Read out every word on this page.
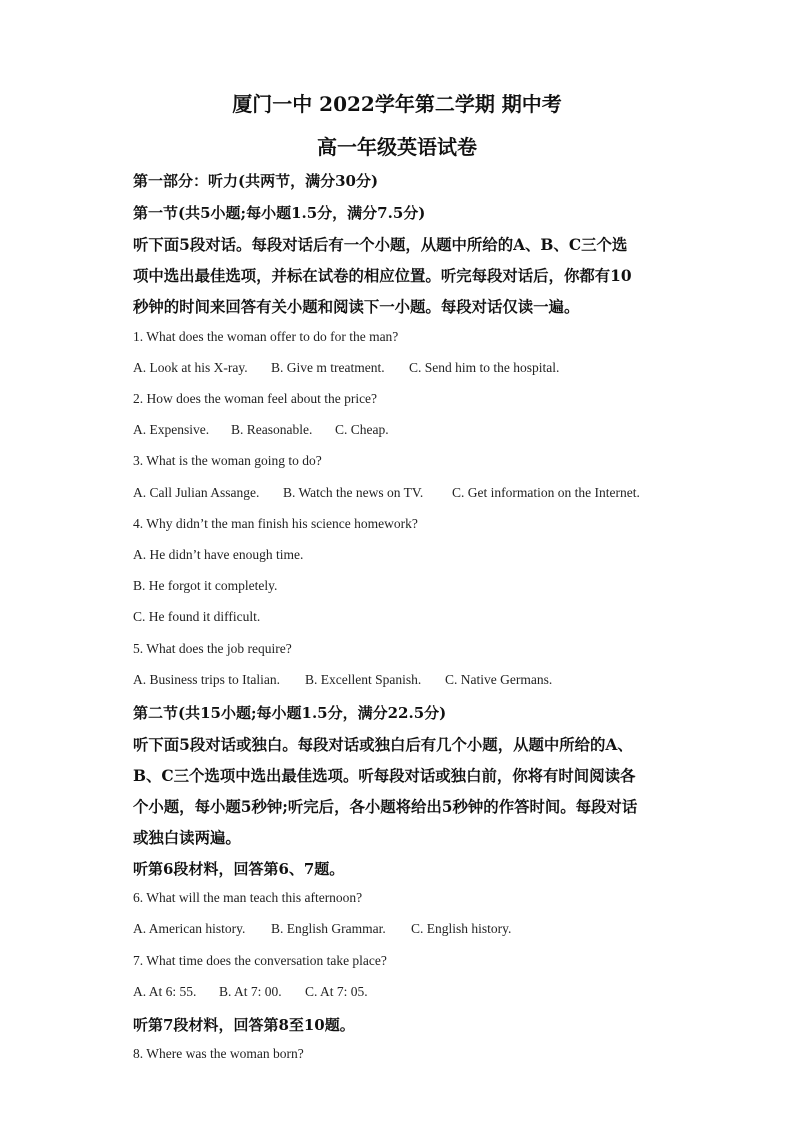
厦门一中 2022学年第二学期 期中考
高一年级英语试卷
第一部分：听力(共两节，满分30分)
第一节(共5小题;每小题1.5分，满分7.5分)
听下面5段对话。每段对话后有一个小题，从题中所给的A、B、C三个选
项中选出最佳选项，并标在试卷的相应位置。听完每段对话后，你都有10
秒钟的时间来回答有关小题和阅读下一小题。每段对话仅读一遍。
1. What does the woman offer to do for the man?
A. Look at his X-ray. B. Give m treatment. C. Send him to the hospital.
2. How does the woman feel about the price?
A. Expensive. B. Reasonable. C. Cheap.
3. What is the woman going to do?
A. Call Julian Assange. B. Watch the news on TV. C. Get information on the Internet.
4. Why didn’t the man finish his science homework?
A. He didn’t have enough time.
B. He forgot it completely.
C. He found it difficult.
5. What does the job require?
A. Business trips to Italian. B. Excellent Spanish. C. Native Germans.
第二节(共15小题;每小题1.5分，满分22.5分)
听下面5段对话或独白。每段对话或独白后有几个小题，从题中所给的A、
B、C三个选项中选出最佳选项。听每段对话或独白前，你将有时间阅读各
个小题，每小题5秒钟;听完后，各小题将给出5秒钟的作答时间。每段对话
或独白读两遍。
听第6段材料，回答第6、7题。
6. What will the man teach this afternoon?
A. American history. B. English Grammar. C. English history.
7. What time does the conversation take place?
A. At 6: 55. B. At 7: 00. C. At 7: 05.
听第7段材料，回答第8至10题。
8. Where was the woman born?
